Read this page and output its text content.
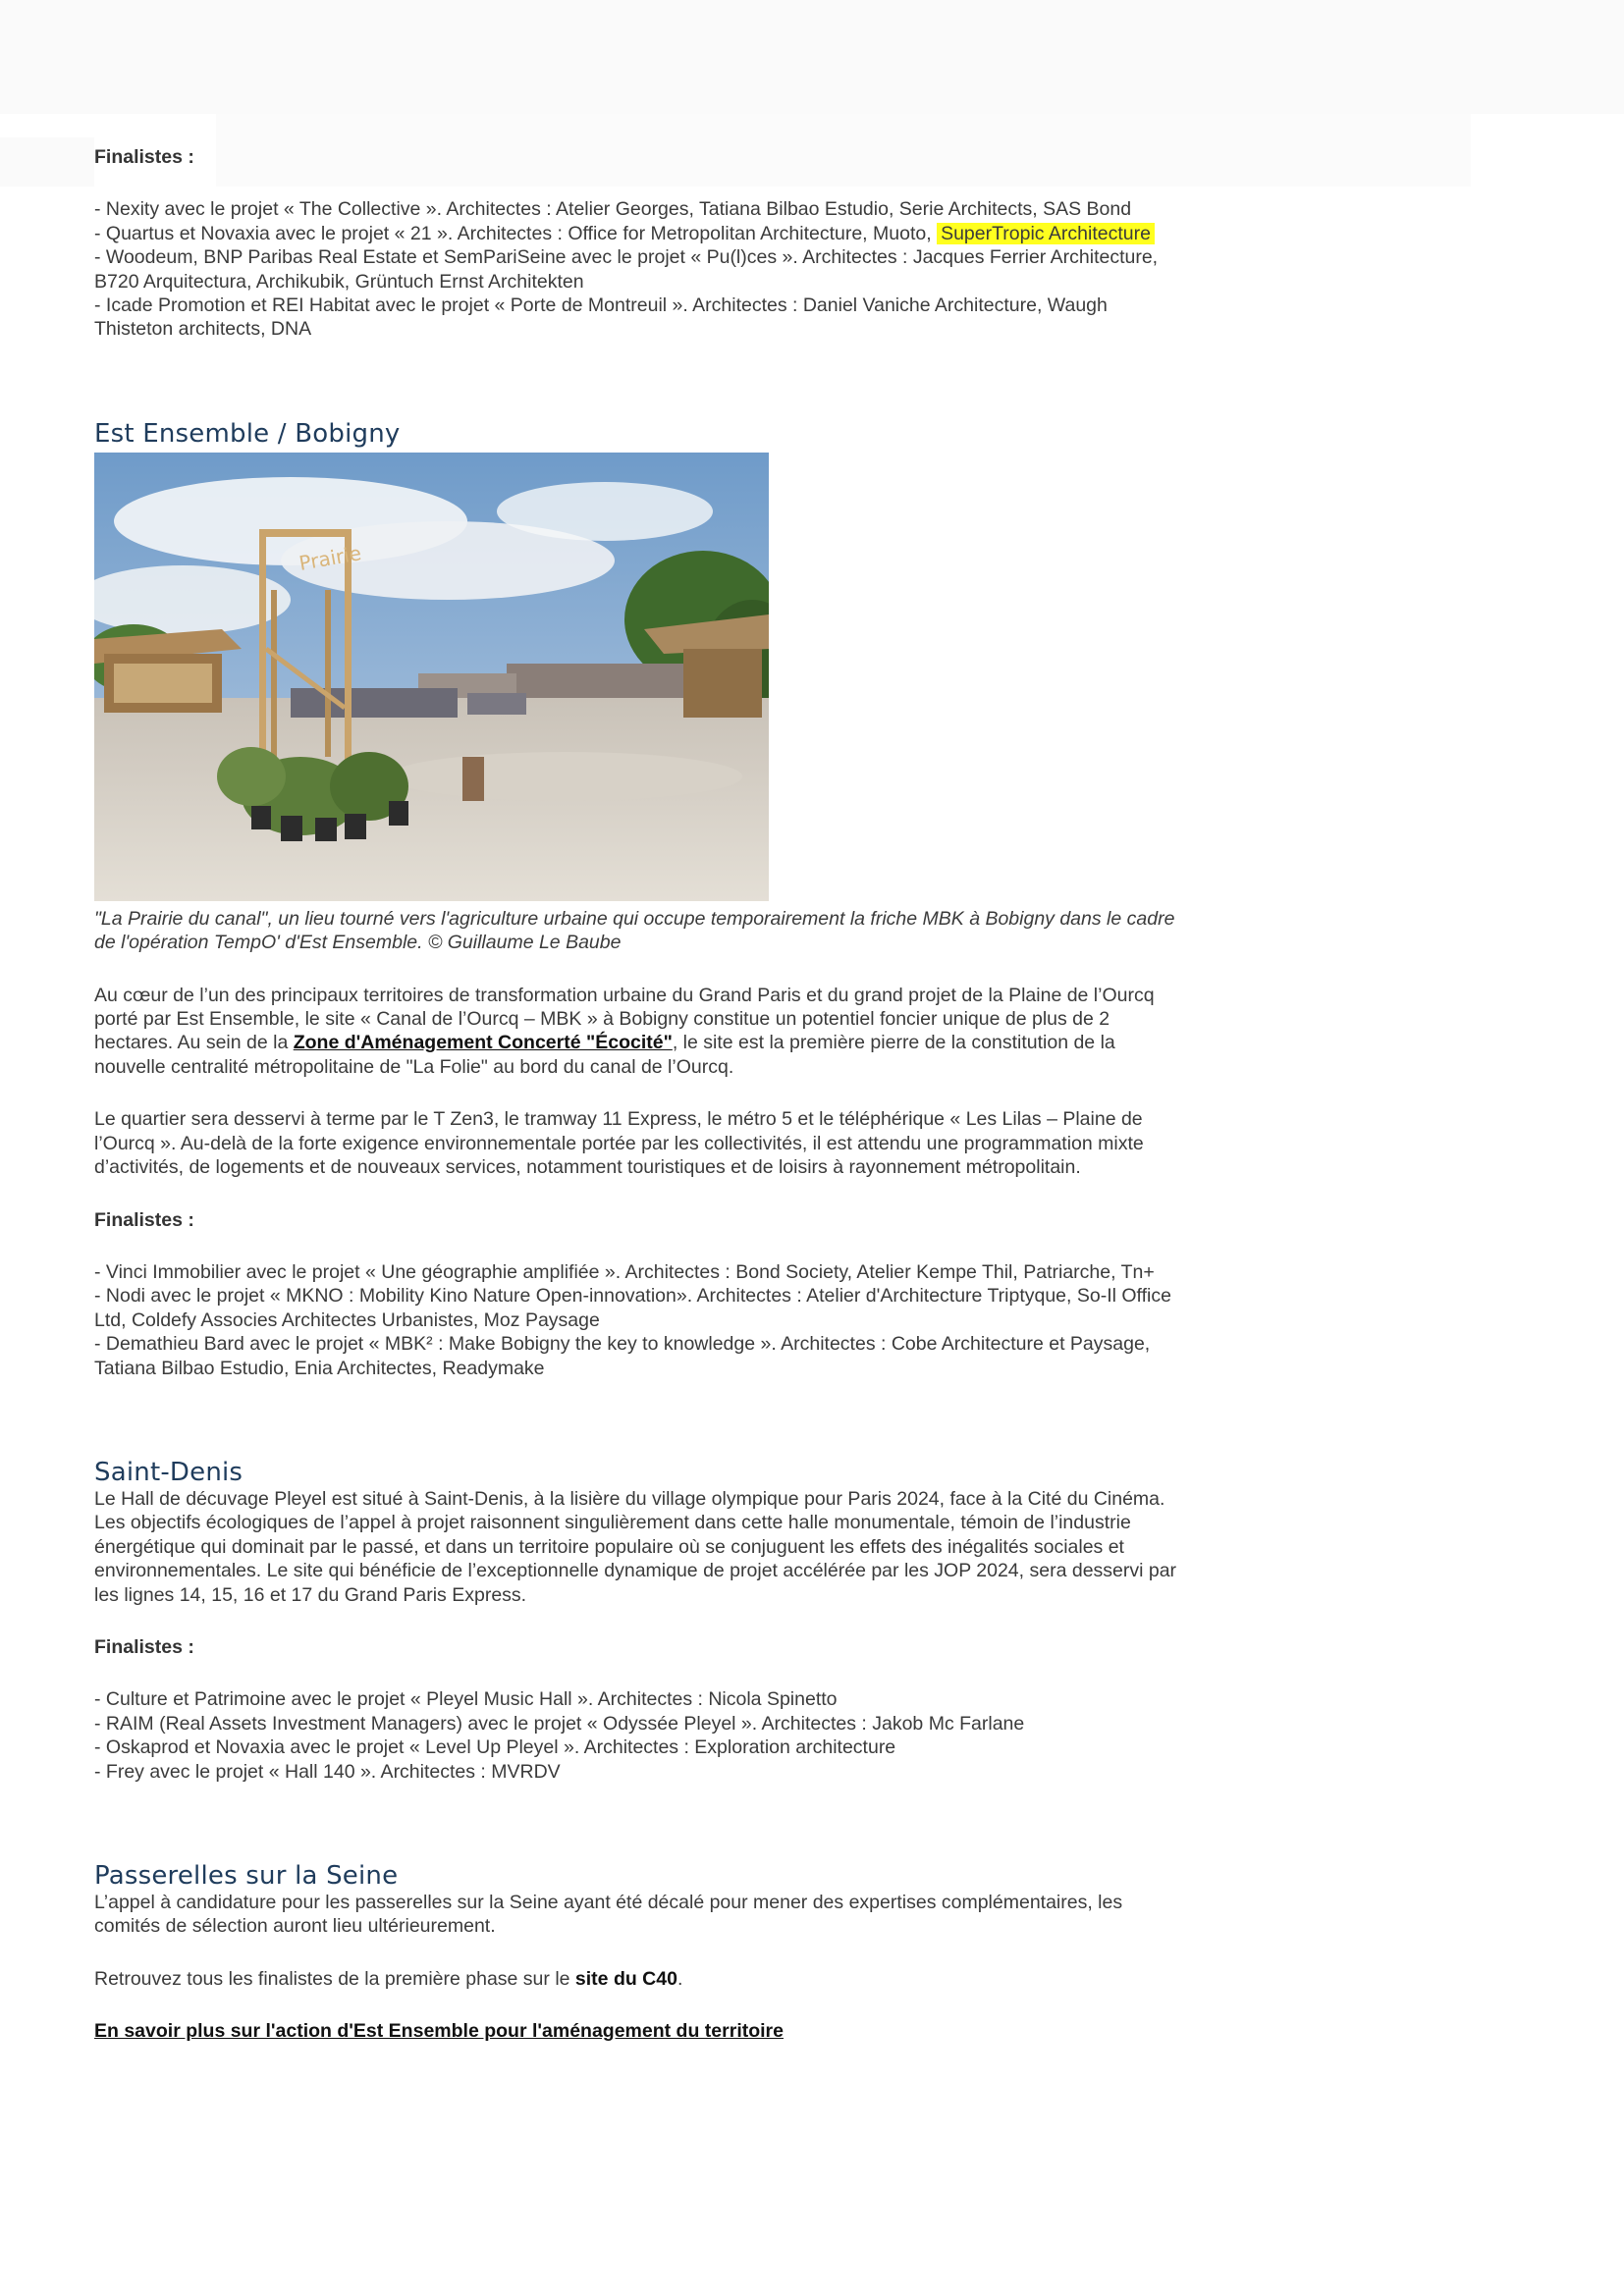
Finalistes :

- Nexity avec le projet « The Collective ». Architectes : Atelier Georges, Tatiana Bilbao Estudio, Serie Architects, SAS Bond

- Quartus et Novaxia avec le projet « 21 ». Architectes : Office for Metropolitan Architecture, Muoto, SuperTropic Architecture

- Woodeum, BNP Paribas Real Estate et SemPariSeine avec le projet « Pu(l)ces ». Architectes : Jacques Ferrier Architecture, B720 Arquitectura, Archikubik, Grüntuch Ernst Architekten

- Icade Promotion et REI Habitat avec le projet « Porte de Montreuil ». Architectes : Daniel Vaniche Architecture, Waugh Thisteton architects, DNA

Est Ensemble / Bobigny
Prairie

"La Prairie du canal", un lieu tourné vers l'agriculture urbaine qui occupe temporairement la friche MBK à Bobigny dans le cadre de l'opération TempO' d'Est Ensemble. © Guillaume Le Baube

Au cœur de l’un des principaux territoires de transformation urbaine du Grand Paris et du grand projet de la Plaine de l’Ourcq porté par Est Ensemble, le site « Canal de l’Ourcq – MBK » à Bobigny constitue un potentiel foncier unique de plus de 2 hectares. Au sein de la Zone d'Aménagement Concerté "Écocité", le site est la première pierre de la constitution de la nouvelle centralité métropolitaine de "La Folie" au bord du canal de l’Ourcq.

Le quartier sera desservi à terme par le T Zen3, le tramway 11 Express, le métro 5 et le téléphérique « Les Lilas – Plaine de l’Ourcq ». Au-delà de la forte exigence environnementale portée par les collectivités, il est attendu une programmation mixte d’activités, de logements et de nouveaux services, notamment touristiques et de loisirs à rayonnement métropolitain.

Finalistes :

- Vinci Immobilier avec le projet « Une géographie amplifiée ». Architectes : Bond Society, Atelier Kempe Thil, Patriarche, Tn+

- Nodi avec le projet « MKNO : Mobility Kino Nature Open-innovation». Architectes : Atelier d'Architecture Triptyque, So-Il Office Ltd, Coldefy Associes Architectes Urbanistes, Moz Paysage

- Demathieu Bard avec le projet « MBK² : Make Bobigny the key to knowledge ». Architectes : Cobe Architecture et Paysage, Tatiana Bilbao Estudio, Enia Architectes, Readymake

Saint-Denis

Le Hall de décuvage Pleyel est situé à Saint-Denis, à la lisière du village olympique pour Paris 2024, face à la Cité du Cinéma. Les objectifs écologiques de l’appel à projet raisonnent singulièrement dans cette halle monumentale, témoin de l’industrie énergétique qui dominait par le passé, et dans un territoire populaire où se conjuguent les effets des inégalités sociales et environnementales. Le site qui bénéficie de l’exceptionnelle dynamique de projet accélérée par les JOP 2024, sera desservi par les lignes 14, 15, 16 et 17 du Grand Paris Express.

Finalistes :

- Culture et Patrimoine avec le projet « Pleyel Music Hall ». Architectes : Nicola Spinetto

- RAIM (Real Assets Investment Managers) avec le projet « Odyssée Pleyel ». Architectes : Jakob Mc Farlane

- Oskaprod et Novaxia avec le projet « Level Up Pleyel ». Architectes : Exploration architecture

- Frey avec le projet « Hall 140 ». Architectes : MVRDV

Passerelles sur la Seine

L’appel à candidature pour les passerelles sur la Seine ayant été décalé pour mener des expertises complémentaires, les comités de sélection auront lieu ultérieurement.

Retrouvez tous les finalistes de la première phase sur le site du C40.

En savoir plus sur l'action d'Est Ensemble pour l'aménagement du territoire
